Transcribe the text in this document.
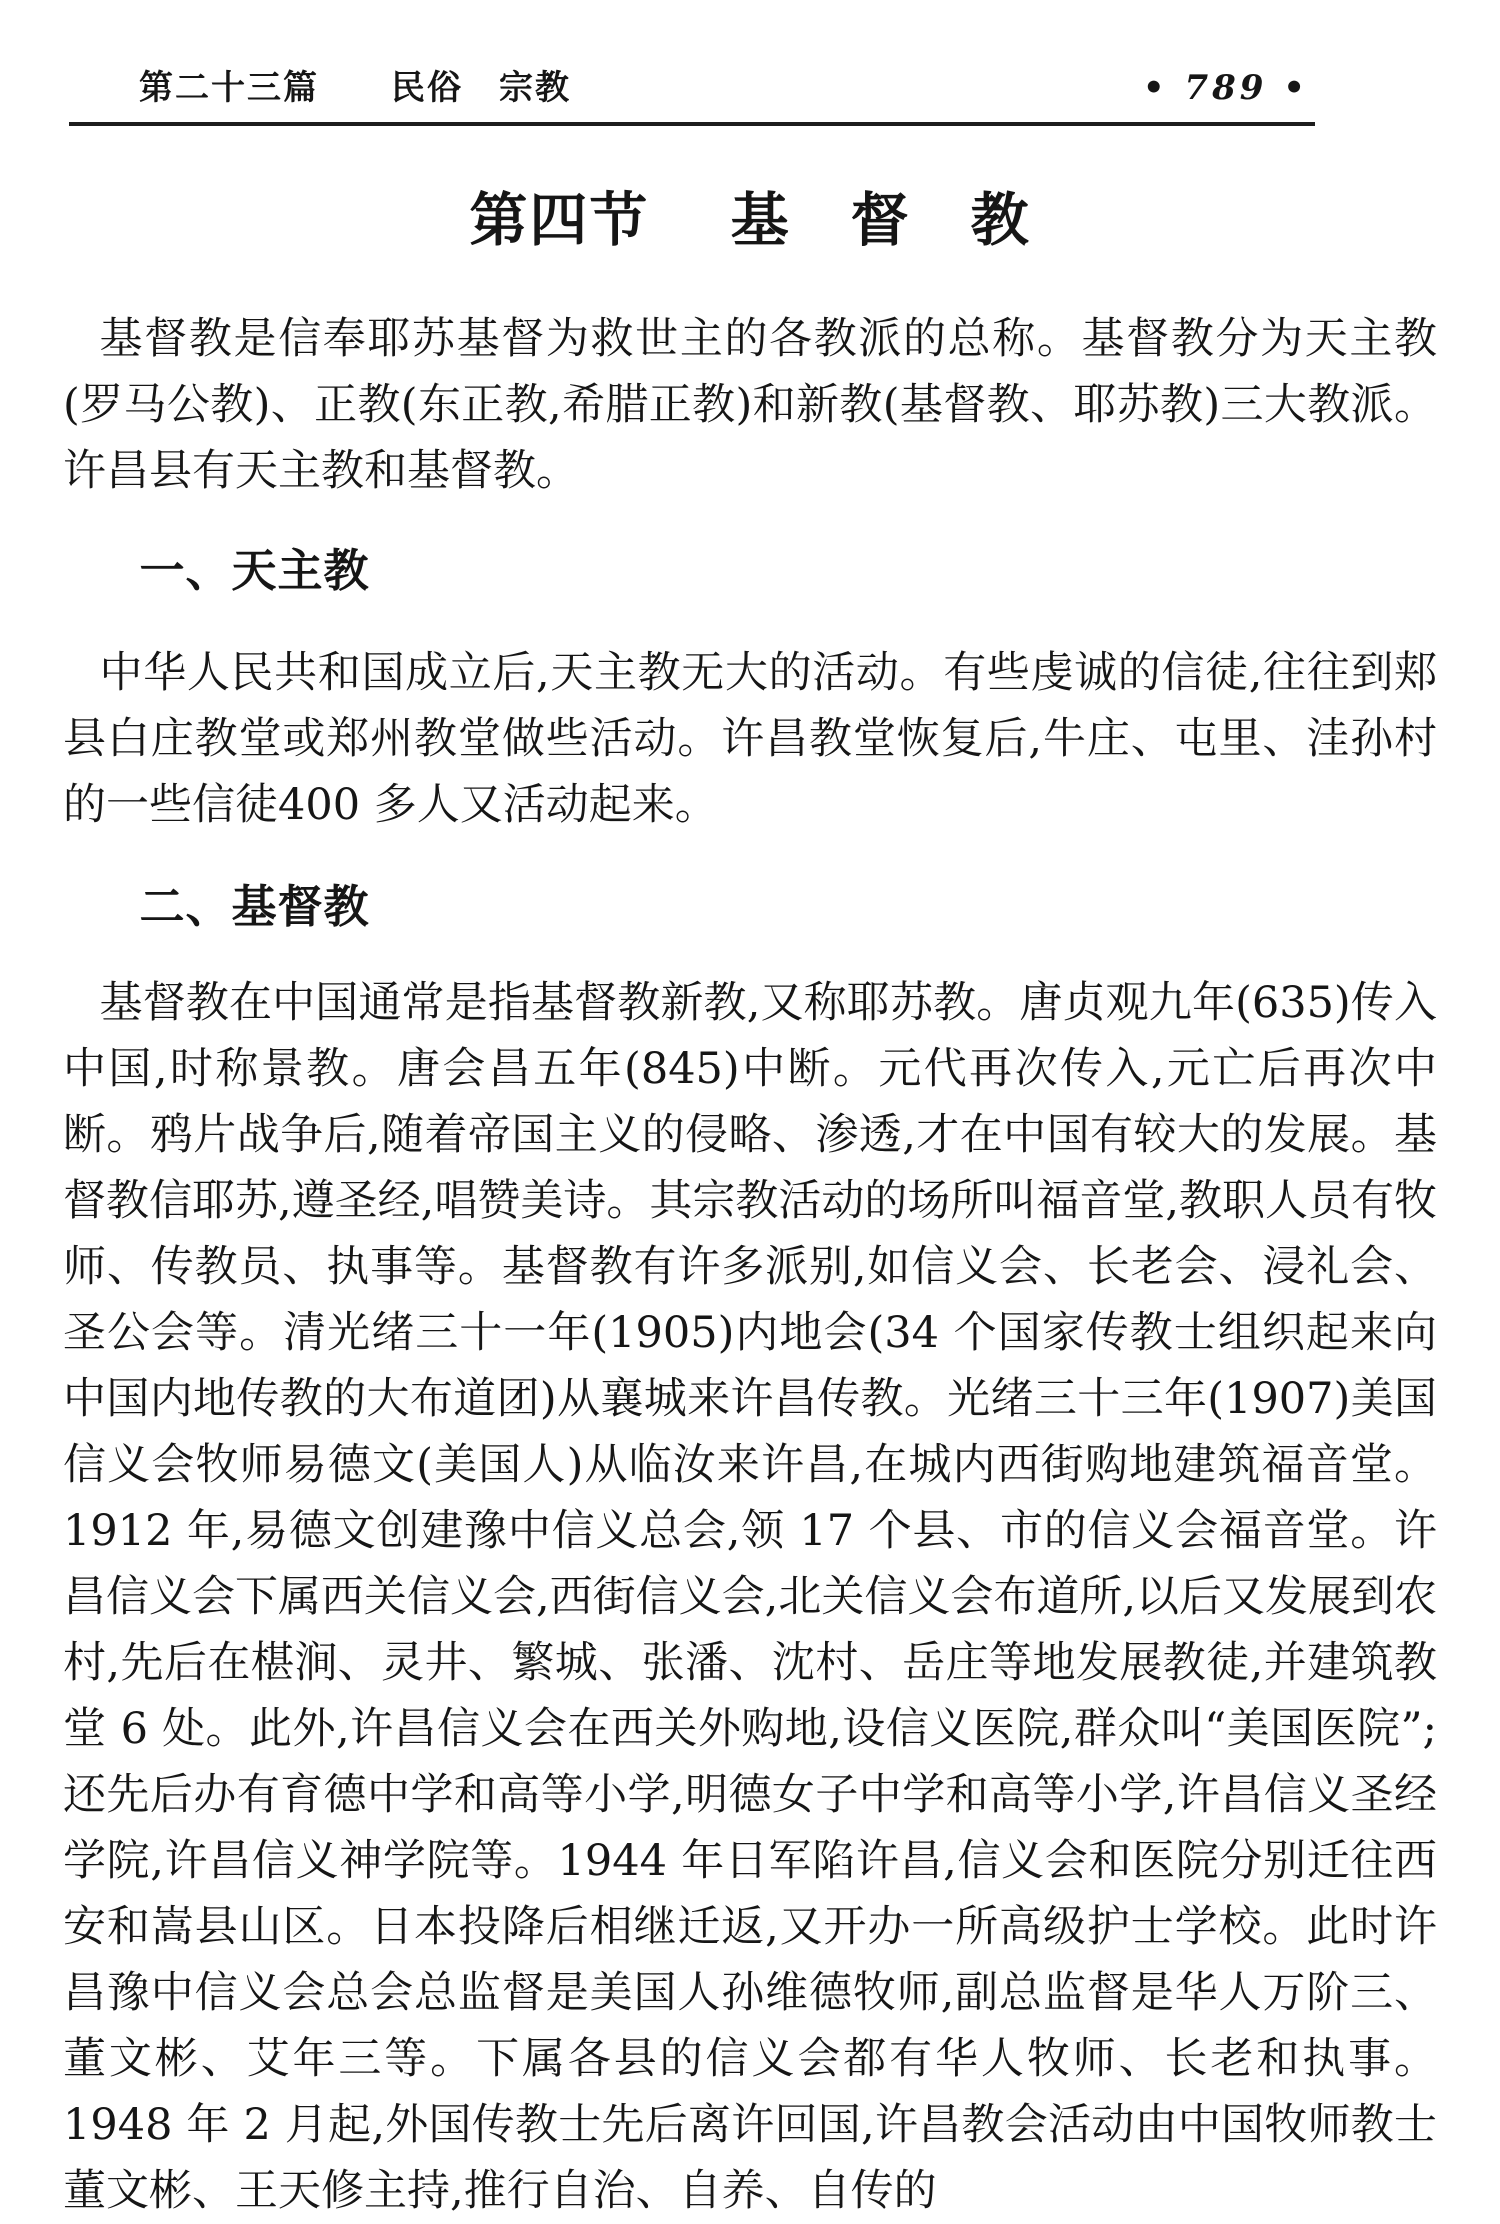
第二十三篇　　民俗　宗教	• 789 •
第四节 基　督　教

基督教是信奉耶苏基督为救世主的各教派的总称。基督教分为天主教(罗马公教)、正教(东正教,希腊正教)和新教(基督教、耶苏教)三大教派。许昌县有天主教和基督教。

一、天主教

中华人民共和国成立后,天主教无大的活动。有些虔诚的信徒,往往到郏县白庄教堂或郑州教堂做些活动。许昌教堂恢复后,牛庄、屯里、洼孙村的一些信徒400 多人又活动起来。

二、基督教

基督教在中国通常是指基督教新教,又称耶苏教。唐贞观九年(635)传入中国,时称景教。唐会昌五年(845)中断。元代再次传入,元亡后再次中断。鸦片战争后,随着帝国主义的侵略、渗透,才在中国有较大的发展。基督教信耶苏,遵圣经,唱赞美诗。其宗教活动的场所叫福音堂,教职人员有牧师、传教员、执事等。基督教有许多派别,如信义会、长老会、浸礼会、圣公会等。清光绪三十一年(1905)内地会(34 个国家传教士组织起来向中国内地传教的大布道团)从襄城来许昌传教。光绪三十三年(1907)美国信义会牧师易德文(美国人)从临汝来许昌,在城内西街购地建筑福音堂。1912 年,易德文创建豫中信义总会,领 17 个县、市的信义会福音堂。许昌信义会下属西关信义会,西街信义会,北关信义会布道所,以后又发展到农村,先后在椹涧、灵井、繁城、张潘、沈村、岳庄等地发展教徒,并建筑教堂 6 处。此外,许昌信义会在西关外购地,设信义医院,群众叫“美国医院”;还先后办有育德中学和高等小学,明德女子中学和高等小学,许昌信义圣经学院,许昌信义神学院等。1944 年日军陷许昌,信义会和医院分别迁往西安和嵩县山区。日本投降后相继迁返,又开办一所高级护士学校。此时许昌豫中信义会总会总监督是美国人孙维德牧师,副总监督是华人万阶三、董文彬、艾年三等。下属各县的信义会都有华人牧师、长老和执事。1948 年 2 月起,外国传教士先后离许回国,许昌教会活动由中国牧师教士董文彬、王天修主持,推行自治、自养、自传的
